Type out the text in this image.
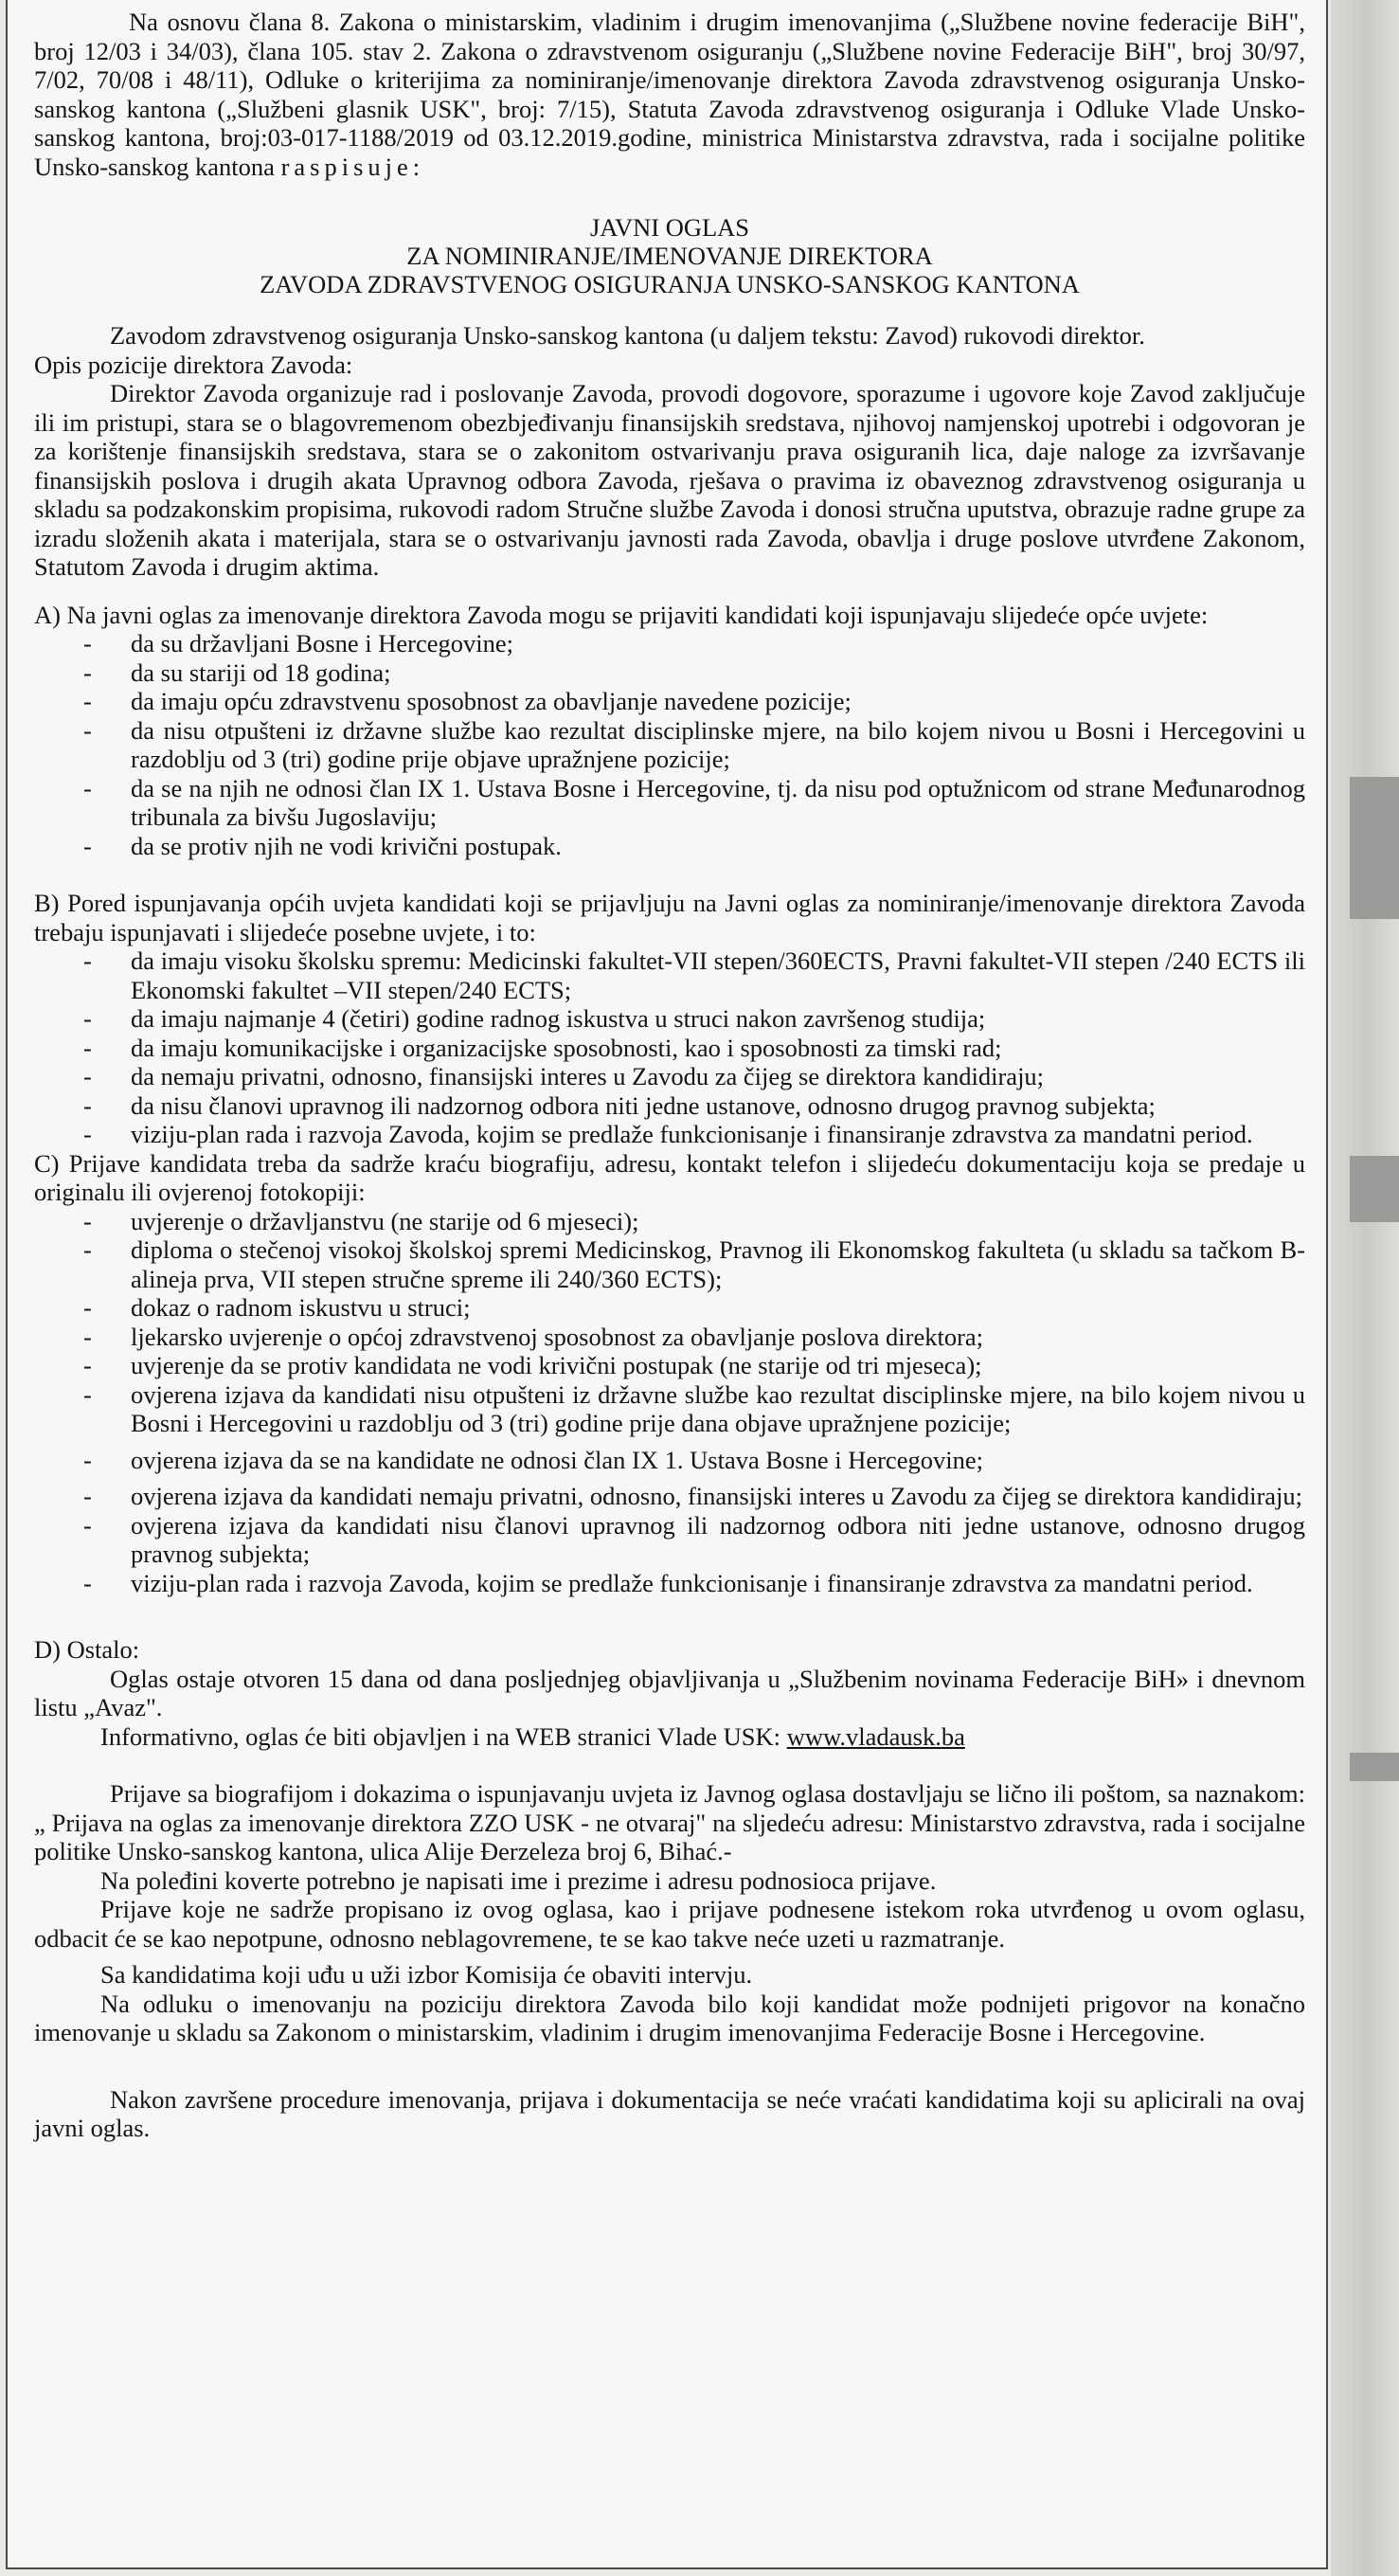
Na osnovu člana 8. Zakona o ministarskim, vladinim i drugim imenovanjima („Službene novine federacije BiH", broj 12/03 i 34/03), člana 105. stav 2. Zakona o zdravstvenom osiguranju („Službene novine Federacije BiH", broj 30/97, 7/02, 70/08 i 48/11), Odluke o kriterijima za nominiranje/imenovanje direktora Zavoda zdravstvenog osiguranja Unsko-sanskog kantona („Službeni glasnik USK", broj: 7/15), Statuta Zavoda zdravstvenog osiguranja i Odluke Vlade Unsko-sanskog kantona, broj:03-017-1188/2019 od 03.12.2019.godine, ministrica Ministarstva zdravstva, rada i socijalne politike Unsko-sanskog kantona raspisuje:

JAVNI OGLAS
ZA NOMINIRANJE/IMENOVANJE DIREKTORA
ZAVODA ZDRAVSTVENOG OSIGURANJA UNSKO-SANSKOG KANTONA

Zavodom zdravstvenog osiguranja Unsko-sanskog kantona (u daljem tekstu: Zavod) rukovodi direktor.

Opis pozicije direktora Zavoda:

Direktor Zavoda organizuje rad i poslovanje Zavoda, provodi dogovore, sporazume i ugovore koje Zavod zaključuje ili im pristupi, stara se o blagovremenom obezbjeđivanju finansijskih sredstava, njihovoj namjenskoj upotrebi i odgovoran je za korištenje finansijskih sredstava, stara se o zakonitom ostvarivanju prava osiguranih lica, daje naloge za izvršavanje finansijskih poslova i drugih akata Upravnog odbora Zavoda, rješava o pravima iz obaveznog zdravstvenog osiguranja u skladu sa podzakonskim propisima, rukovodi radom Stručne službe Zavoda i donosi stručna uputstva, obrazuje radne grupe za izradu složenih akata i materijala, stara se o ostvarivanju javnosti rada Zavoda, obavlja i druge poslove utvrđene Zakonom, Statutom Zavoda i drugim aktima.

A) Na javni oglas za imenovanje direktora Zavoda mogu se prijaviti kandidati koji ispunjavaju slijedeće opće uvjete:

- da su državljani Bosne i Hercegovine;
- da su stariji od 18 godina;
- da imaju opću zdravstvenu sposobnost za obavljanje navedene pozicije;
- da nisu otpušteni iz državne službe kao rezultat disciplinske mjere, na bilo kojem nivou u Bosni i Hercegovini u razdoblju od 3 (tri) godine prije objave upražnjene pozicije;
- da se na njih ne odnosi član IX 1. Ustava Bosne i Hercegovine, tj. da nisu pod optužnicom od strane Međunarodnog tribunala za bivšu Jugoslaviju;
- da se protiv njih ne vodi krivični postupak.

B) Pored ispunjavanja općih uvjeta kandidati koji se prijavljuju na Javni oglas za nominiranje/imenovanje direktora Zavoda trebaju ispunjavati i slijedeće posebne uvjete, i to:

- da imaju visoku školsku spremu: Medicinski fakultet-VII stepen/360ECTS, Pravni fakultet-VII stepen /240 ECTS ili Ekonomski fakultet –VII stepen/240 ECTS;
- da imaju najmanje 4 (četiri) godine radnog iskustva u struci nakon završenog studija;
- da imaju komunikacijske i organizacijske sposobnosti, kao i sposobnosti za timski rad;
- da nemaju privatni, odnosno, finansijski interes u Zavodu za čijeg se direktora kandidiraju;
- da nisu članovi upravnog ili nadzornog odbora niti jedne ustanove, odnosno drugog pravnog subjekta;
- viziju-plan rada i razvoja Zavoda, kojim se predlaže funkcionisanje i finansiranje zdravstva za mandatni period.

C) Prijave kandidata treba da sadrže kraću biografiju, adresu, kontakt telefon i slijedeću dokumentaciju koja se predaje u originalu ili ovjerenoj fotokopiji:

- uvjerenje o državljanstvu (ne starije od 6 mjeseci);
- diploma o stečenoj visokoj školskoj spremi Medicinskog, Pravnog ili Ekonomskog fakulteta (u skladu sa tačkom B- alineja prva, VII stepen stručne spreme ili 240/360 ECTS);
- dokaz o radnom iskustvu u struci;
- ljekarsko uvjerenje o općoj zdravstvenoj sposobnost za obavljanje poslova direktora;
- uvjerenje da se protiv kandidata ne vodi krivični postupak (ne starije od tri mjeseca);
- ovjerena izjava da kandidati nisu otpušteni iz državne službe kao rezultat disciplinske mjere, na bilo kojem nivou u Bosni i Hercegovini u razdoblju od 3 (tri) godine prije dana objave upražnjene pozicije;
- ovjerena izjava da se na kandidate ne odnosi član IX 1. Ustava Bosne i Hercegovine;
- ovjerena izjava da kandidati nemaju privatni, odnosno, finansijski interes u Zavodu za čijeg se direktora kandidiraju;
- ovjerena izjava da kandidati nisu članovi upravnog ili nadzornog odbora niti jedne ustanove, odnosno drugog pravnog subjekta;
- viziju-plan rada i razvoja Zavoda, kojim se predlaže funkcionisanje i finansiranje zdravstva za mandatni period.

D) Ostalo:

Oglas ostaje otvoren 15 dana od dana posljednjeg objavljivanja u „Službenim novinama Federacije BiH» i dnevnom listu „Avaz".

Informativno, oglas će biti objavljen i na WEB stranici Vlade USK: www.vladausk.ba

Prijave sa biografijom i dokazima o ispunjavanju uvjeta iz Javnog oglasa dostavljaju se lično ili poštom, sa naznakom: „ Prijava na oglas za imenovanje direktora ZZO USK - ne otvaraj" na sljedeću adresu: Ministarstvo zdravstva, rada i socijalne politike Unsko-sanskog kantona, ulica Alije Đerzeleza broj 6, Bihać.-

Na poleđini koverte potrebno je napisati ime i prezime i adresu podnosioca prijave.

Prijave koje ne sadrže propisano iz ovog oglasa, kao i prijave podnesene istekom roka utvrđenog u ovom oglasu, odbacit će se kao nepotpune, odnosno neblagovremene, te se kao takve neće uzeti u razmatranje.

Sa kandidatima koji uđu u uži izbor Komisija će obaviti intervju.

Na odluku o imenovanju na poziciju direktora Zavoda bilo koji kandidat može podnijeti prigovor na konačno imenovanje u skladu sa Zakonom o ministarskim, vladinim i drugim imenovanjima Federacije Bosne i Hercegovine.

Nakon završene procedure imenovanja, prijava i dokumentacija se neće vraćati kandidatima koji su aplicirali na ovaj javni oglas.
